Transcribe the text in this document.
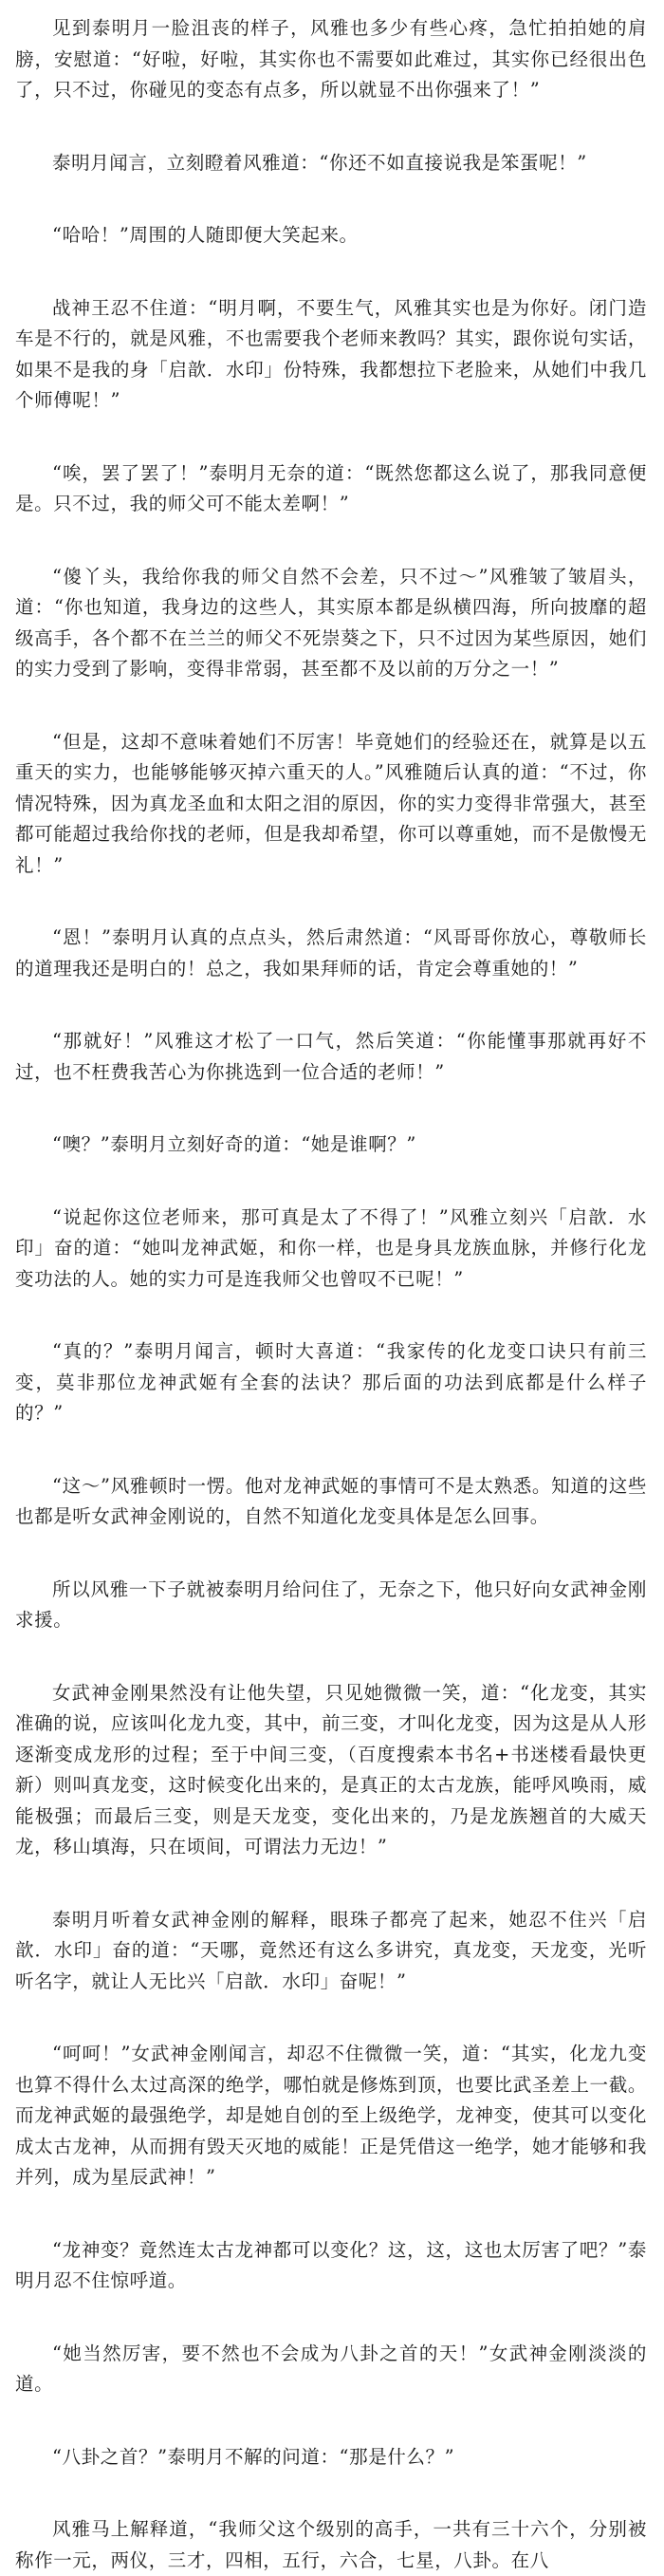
见到泰明月一脸沮丧的样子，风雅也多少有些心疼，急忙拍拍她的肩膀，安慰道：“好啦，好啦，其实你也不需要如此难过，其实你已经很出色了，只不过，你碰见的变态有点多，所以就显不出你强来了！”

泰明月闻言，立刻瞪着风雅道：“你还不如直接说我是笨蛋呢！”

“哈哈！”周围的人随即便大笑起来。

战神王忍不住道：“明月啊，不要生气，风雅其实也是为你好。闭门造车是不行的，就是风雅，不也需要我个老师来教吗？其实，跟你说句实话，如果不是我的身「启歆．水印」份特殊，我都想拉下老脸来，从她们中我几个师傅呢！”

“唉，罢了罢了！”泰明月无奈的道：“既然您都这么说了，那我同意便是。只不过，我的师父可不能太差啊！”

“傻丫头，我给你我的师父自然不会差，只不过～”风雅皱了皱眉头，道：“你也知道，我身边的这些人，其实原本都是纵横四海，所向披靡的超级高手，各个都不在兰兰的师父不死崇葵之下，只不过因为某些原因，她们的实力受到了影响，变得非常弱，甚至都不及以前的万分之一！”

“但是，这却不意味着她们不厉害！毕竟她们的经验还在，就算是以五重天的实力，也能够能够灭掉六重天的人。”风雅随后认真的道：“不过，你情况特殊，因为真龙圣血和太阳之泪的原因，你的实力变得非常强大，甚至都可能超过我给你找的老师，但是我却希望，你可以尊重她，而不是傲慢无礼！”

“恩！”泰明月认真的点点头，然后肃然道：“风哥哥你放心，尊敬师长的道理我还是明白的！总之，我如果拜师的话，肯定会尊重她的！”

“那就好！”风雅这才松了一口气，然后笑道：“你能懂事那就再好不过，也不枉费我苦心为你挑选到一位合适的老师！”

“噢？”泰明月立刻好奇的道：“她是谁啊？”

“说起你这位老师来，那可真是太了不得了！”风雅立刻兴「启歆．水印」奋的道：“她叫龙神武姬，和你一样，也是身具龙族血脉，并修行化龙变功法的人。她的实力可是连我师父也曾叹不已呢！”

“真的？”泰明月闻言，顿时大喜道：“我家传的化龙变口诀只有前三变，莫非那位龙神武姬有全套的法诀？那后面的功法到底都是什么样子的？”

“这～”风雅顿时一愣。他对龙神武姬的事情可不是太熟悉。知道的这些也都是听女武神金刚说的，自然不知道化龙变具体是怎么回事。

所以风雅一下子就被泰明月给问住了，无奈之下，他只好向女武神金刚求援。

女武神金刚果然没有让他失望，只见她微微一笑，道：“化龙变，其实准确的说，应该叫化龙九变，其中，前三变，才叫化龙变，因为这是从人形逐渐变成龙形的过程；至于中间三变，（百度搜索本书名+书迷楼看最快更新）则叫真龙变，这时候变化出来的，是真正的太古龙族，能呼风唤雨，威能极强；而最后三变，则是天龙变，变化出来的，乃是龙族翘首的大威天龙，移山填海，只在顷间，可谓法力无边！”

泰明月听着女武神金刚的解释，眼珠子都亮了起来，她忍不住兴「启歆．水印」奋的道：“天哪，竟然还有这么多讲究，真龙变，天龙变，光听听名字，就让人无比兴「启歆．水印」奋呢！”

“呵呵！”女武神金刚闻言，却忍不住微微一笑，道：“其实，化龙九变也算不得什么太过高深的绝学，哪怕就是修炼到顶，也要比武圣差上一截。而龙神武姬的最强绝学，却是她自创的至上级绝学，龙神变，使其可以变化成太古龙神，从而拥有毁天灭地的威能！正是凭借这一绝学，她才能够和我并列，成为星辰武神！”

“龙神变？竟然连太古龙神都可以变化？这，这，这也太厉害了吧？”泰明月忍不住惊呼道。

“她当然厉害，要不然也不会成为八卦之首的天！”女武神金刚淡淡的道。

“八卦之首？”泰明月不解的问道：“那是什么？”

风雅马上解释道，“我师父这个级别的高手，一共有三十六个，分别被称作一元，两仪，三才，四相，五行，六合，七星，八卦。在八
